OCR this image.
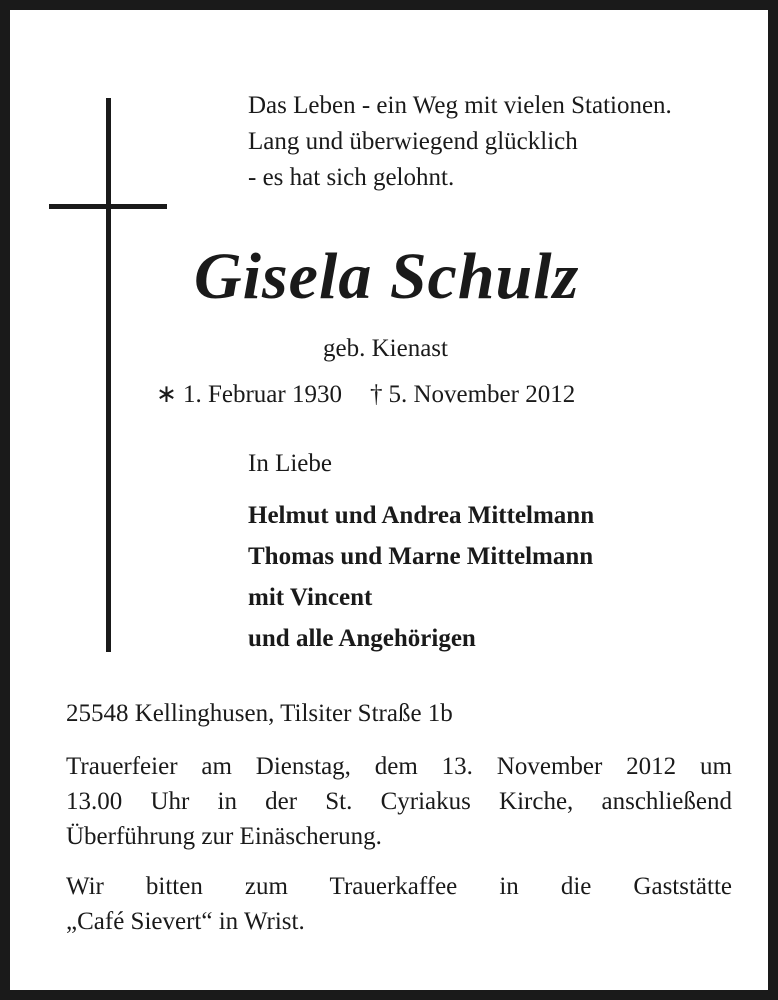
Das Leben - ein Weg mit vielen Stationen.
Lang und überwiegend glücklich
- es hat sich gelohnt.
Gisela Schulz
geb. Kienast
∗ 1. Februar 1930 † 5. November 2012
In Liebe
Helmut und Andrea Mittelmann
Thomas und Marne Mittelmann
mit Vincent
und alle Angehörigen
25548 Kellinghusen, Tilsiter Straße 1b
Trauerfeier am Dienstag, dem 13. November 2012 um
13.00 Uhr in der St. Cyriakus Kirche, anschließend
Überführung zur Einäscherung.
Wir bitten zum Trauerkaffee in die Gaststätte
„Café Sievert“ in Wrist.
